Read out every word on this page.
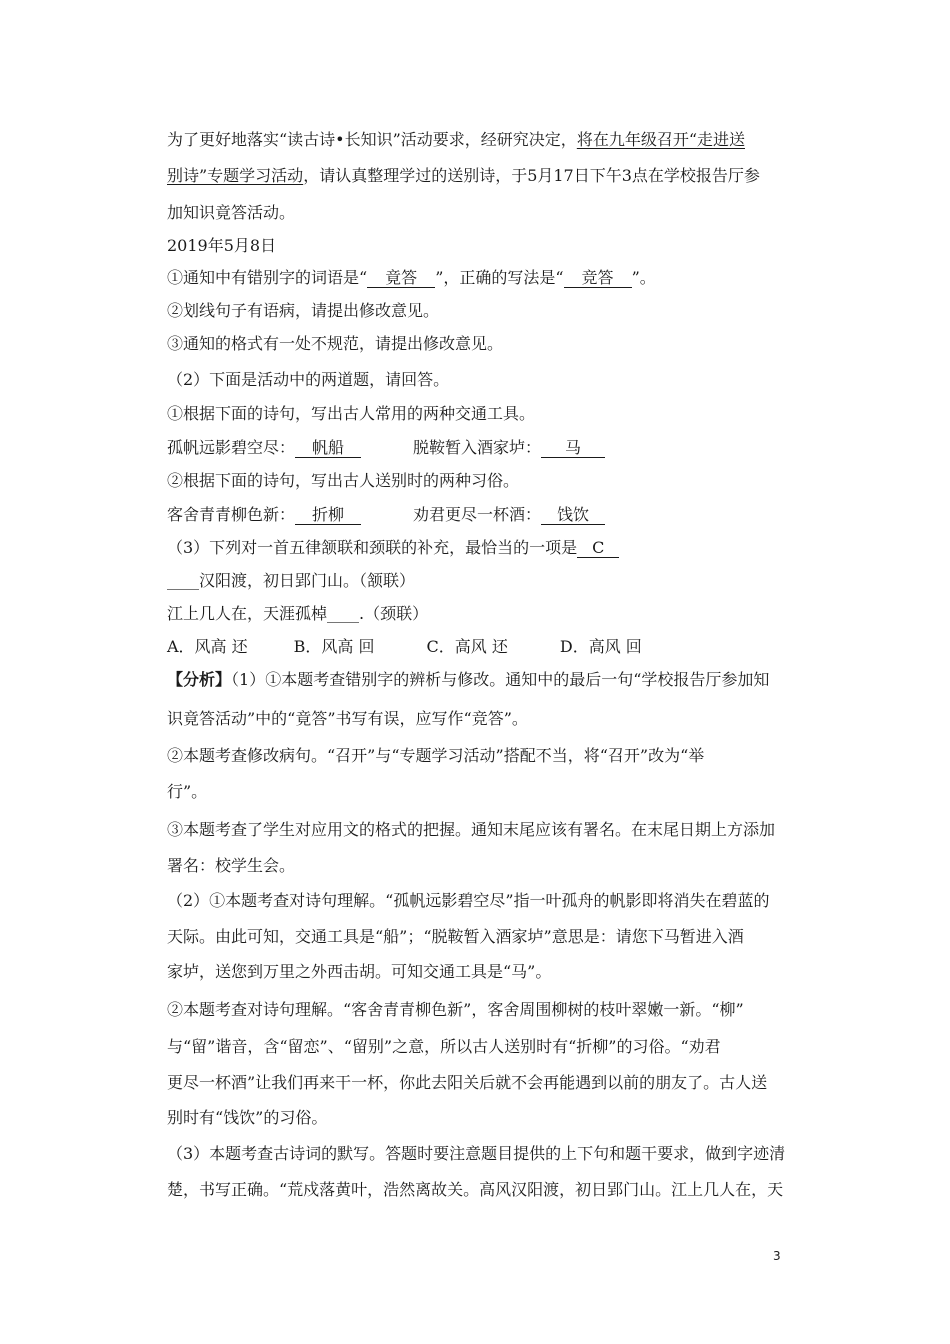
为了更好地落实“读古诗•长知识”活动要求，经研究决定，将在九年级召开“走进送
别诗”专题学习活动，请认真整理学过的送别诗，于5月17日下午3点在学校报告厅参
加知识竟答活动。
2019年5月8日
①通知中有错别字的词语是“ 竟答 ”，正确的写法是“ 竞答 ”。
②划线句子有语病，请提出修改意见。
③通知的格式有一处不规范，请提出修改意见。
（2）下面是活动中的两道题，请回答。
①根据下面的诗句，写出古人常用的两种交通工具。
孤帆远影碧空尽： 帆船	脱鞍暂入酒家垆： 马
②根据下面的诗句，写出古人送别时的两种习俗。
客舍青青柳色新： 折柳	劝君更尽一杯酒： 饯饮
（3）下列对一首五律颔联和颈联的补充，最恰当的一项是 C
____汉阳渡，初日郢门山。（颔联）
江上几人在，天涯孤棹____.（颈联）
A．风高 还	B．风高 回	C．高风 还	D．高风 回
【分析】（1）①本题考查错别字的辨析与修改。通知中的最后一句“学校报告厅参加知
识竟答活动”中的“竟答”书写有误，应写作“竞答”。
②本题考查修改病句。“召开”与“专题学习活动”搭配不当，将“召开”改为“举
行”。
③本题考查了学生对应用文的格式的把握。通知末尾应该有署名。在末尾日期上方添加
署名：校学生会。
（2）①本题考查对诗句理解。“孤帆远影碧空尽”指一叶孤舟的帆影即将消失在碧蓝的
天际。由此可知，交通工具是“船”；“脱鞍暂入酒家垆”意思是：请您下马暂进入酒
家垆，送您到万里之外西击胡。可知交通工具是“马”。
②本题考查对诗句理解。“客舍青青柳色新”，客舍周围柳树的枝叶翠嫩一新。“柳”
与“留”谐音，含“留恋”、“留别”之意，所以古人送别时有“折柳”的习俗。“劝君
更尽一杯酒”让我们再来干一杯，你此去阳关后就不会再能遇到以前的朋友了。古人送
别时有“饯饮”的习俗。
（3）本题考查古诗词的默写。答题时要注意题目提供的上下句和题干要求，做到字迹清
楚，书写正确。“荒戍落黄叶，浩然离故关。高风汉阳渡，初日郢门山。江上几人在，天
3
